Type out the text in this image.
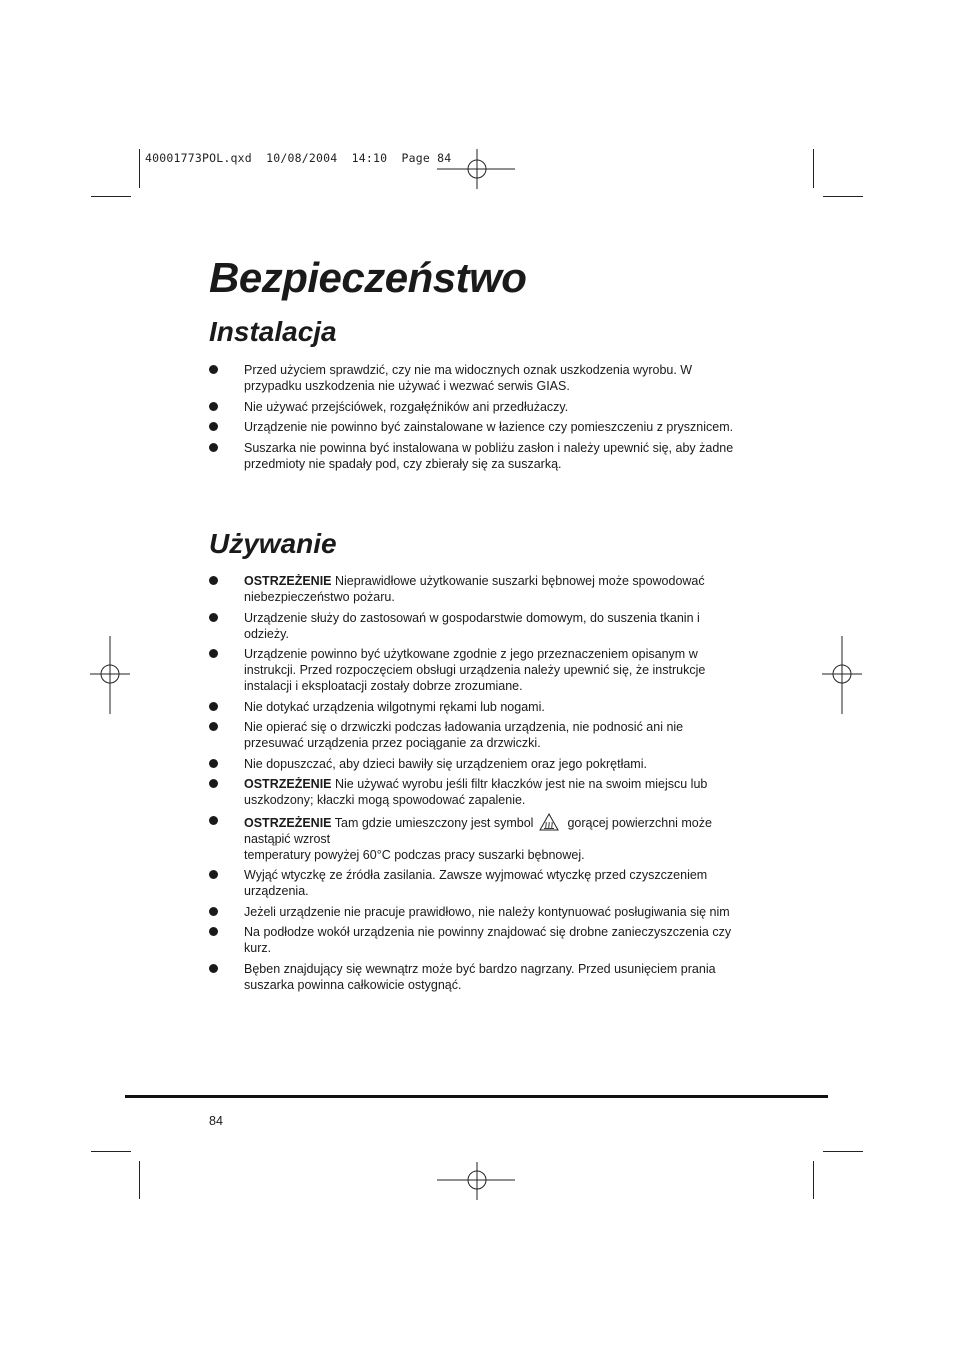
40001773POL.qxd  10/08/2004  14:10  Page 84
Bezpieczeństwo
Instalacja
Przed użyciem sprawdzić, czy nie ma widocznych oznak uszkodzenia wyrobu. W przypadku uszkodzenia nie używać i wezwać serwis GIAS.
Nie używać przejściówek, rozgałęźników ani przedłużaczy.
Urządzenie nie powinno być zainstalowane w łazience czy pomieszczeniu z prysznicem.
Suszarka nie powinna być instalowana w pobliżu zasłon i należy upewnić się, aby żadne przedmioty nie spadały pod, czy zbierały się za suszarką.
Używanie
OSTRZEŻENIE Nieprawidłowe użytkowanie suszarki bębnowej może spowodować niebezpieczeństwo pożaru.
Urządzenie służy do zastosowań w gospodarstwie domowym, do suszenia tkanin i odzieży.
Urządzenie powinno być użytkowane zgodnie z jego przeznaczeniem opisanym w instrukcji. Przed rozpoczęciem obsługi urządzenia należy upewnić się, że instrukcje instalacji i eksploatacji zostały dobrze zrozumiane.
Nie dotykać urządzenia wilgotnymi rękami lub nogami.
Nie opierać się o drzwiczki podczas ładowania urządzenia, nie podnosić ani nie przesuwać urządzenia przez pociąganie za drzwiczki.
Nie dopuszczać, aby dzieci bawiły się urządzeniem oraz jego pokrętłami.
OSTRZEŻENIE Nie używać wyrobu jeśli filtr kłaczków jest nie na swoim miejscu lub uszkodzony; kłaczki mogą spowodować zapalenie.
OSTRZEŻENIE Tam gdzie umieszczony jest symbol	gorącej powierzchni może nastąpić wzrost
temperatury powyżej 60°C podczas pracy suszarki bębnowej.
Wyjąć wtyczkę ze źródła zasilania. Zawsze wyjmować wtyczkę przed czyszczeniem urządzenia.
Jeżeli urządzenie nie pracuje prawidłowo, nie należy kontynuować posługiwania się nim
Na podłodze wokół urządzenia nie powinny znajdować się drobne zanieczyszczenia czy kurz.
Bęben znajdujący się wewnątrz może być bardzo nagrzany. Przed usunięciem prania suszarka powinna całkowicie ostygnąć.
84
